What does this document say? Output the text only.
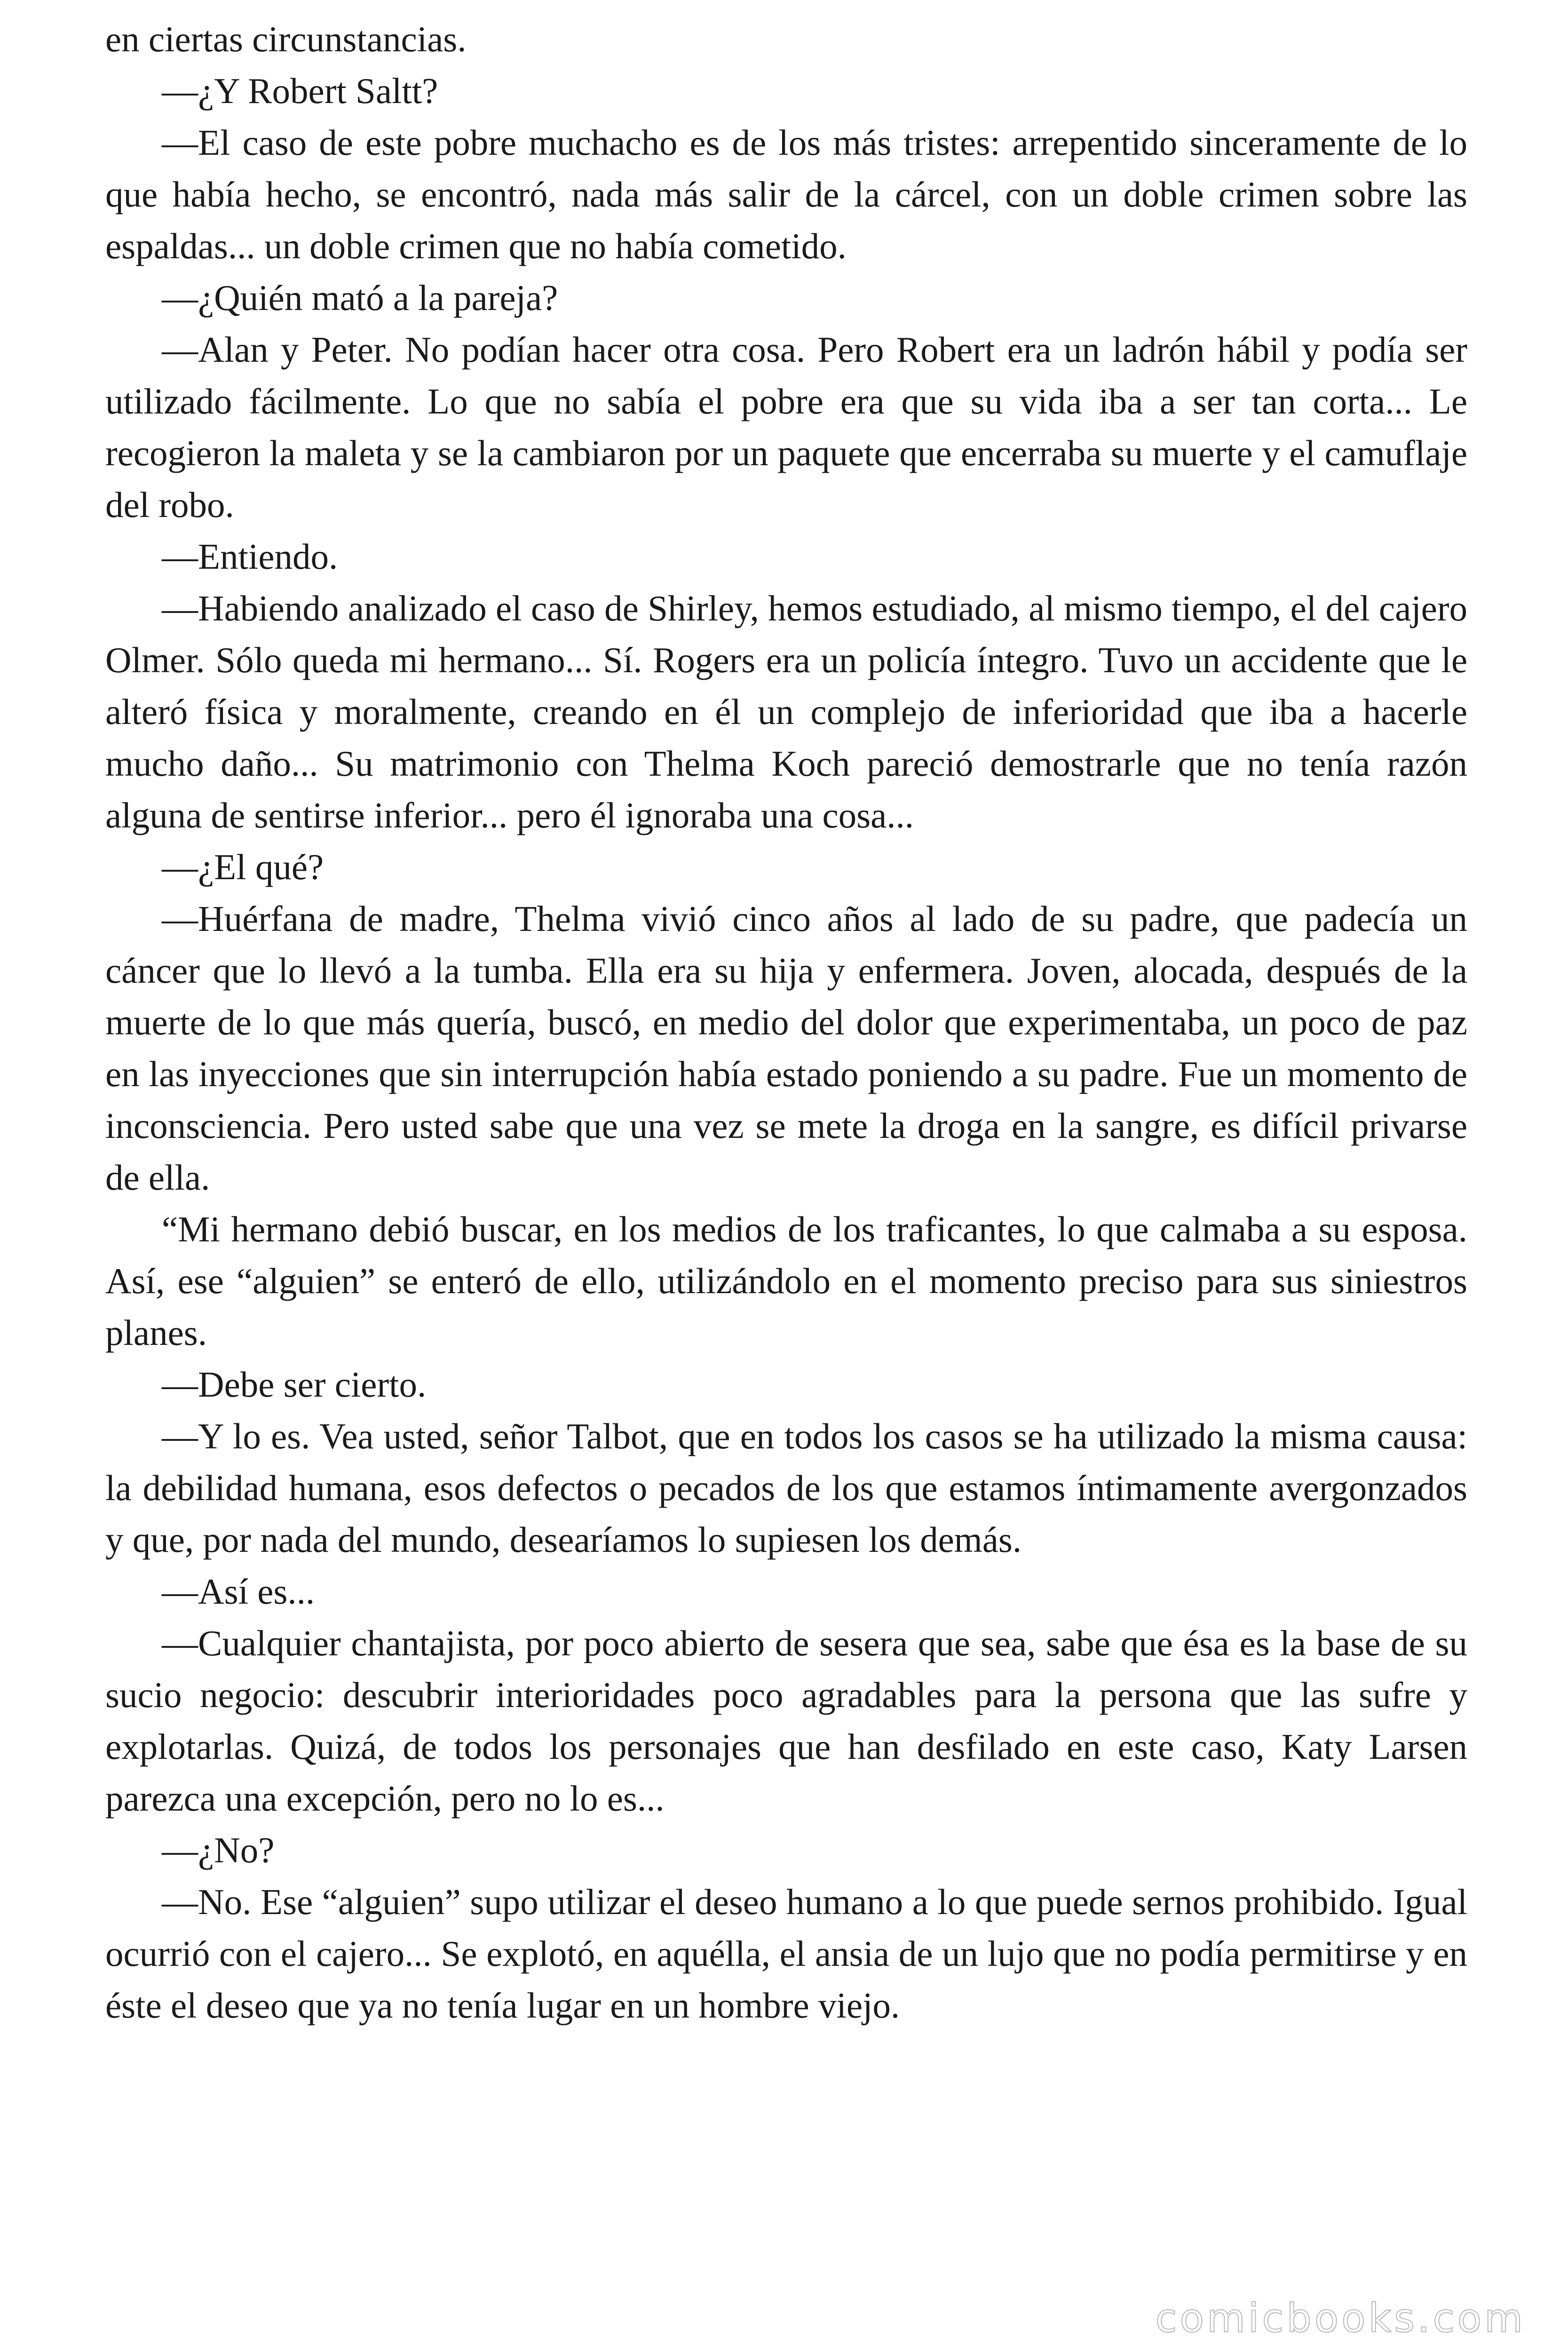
en ciertas circunstancias.

—¿Y Robert Saltt?

—El caso de este pobre muchacho es de los más tristes: arrepentido sinceramente de lo que había hecho, se encontró, nada más salir de la cárcel, con un doble crimen sobre las espaldas... un doble crimen que no había cometido.

—¿Quién mató a la pareja?

—Alan y Peter. No podían hacer otra cosa. Pero Robert era un ladrón hábil y podía ser utilizado fácilmente. Lo que no sabía el pobre era que su vida iba a ser tan corta... Le recogieron la maleta y se la cambiaron por un paquete que encerraba su muerte y el camuflaje del robo.

—Entiendo.

—Habiendo analizado el caso de Shirley, hemos estudiado, al mismo tiempo, el del cajero Olmer. Sólo queda mi hermano... Sí. Rogers era un policía íntegro. Tuvo un accidente que le alteró física y moralmente, creando en él un complejo de inferioridad que iba a hacerle mucho daño... Su matrimonio con Thelma Koch pareció demostrarle que no tenía razón alguna de sentirse inferior... pero él ignoraba una cosa...

—¿El qué?

—Huérfana de madre, Thelma vivió cinco años al lado de su padre, que padecía un cáncer que lo llevó a la tumba. Ella era su hija y enfermera. Joven, alocada, después de la muerte de lo que más quería, buscó, en medio del dolor que experimentaba, un poco de paz en las inyecciones que sin interrupción había estado poniendo a su padre. Fue un momento de inconsciencia. Pero usted sabe que una vez se mete la droga en la sangre, es difícil privarse de ella.

“Mi hermano debió buscar, en los medios de los traficantes, lo que calmaba a su esposa. Así, ese “alguien” se enteró de ello, utilizándolo en el momento preciso para sus siniestros planes.

—Debe ser cierto.

—Y lo es. Vea usted, señor Talbot, que en todos los casos se ha utilizado la misma causa: la debilidad humana, esos defectos o pecados de los que estamos íntimamente avergonzados y que, por nada del mundo, desearíamos lo supiesen los demás.

—Así es...

—Cualquier chantajista, por poco abierto de sesera que sea, sabe que ésa es la base de su sucio negocio: descubrir interioridades poco agradables para la persona que las sufre y explotarlas. Quizá, de todos los personajes que han desfilado en este caso, Katy Larsen parezca una excepción, pero no lo es...

—¿No?

—No. Ese “alguien” supo utilizar el deseo humano a lo que puede sernos prohibido. Igual ocurrió con el cajero... Se explotó, en aquélla, el ansia de un lujo que no podía permitirse y en éste el deseo que ya no tenía lugar en un hombre viejo.

comicbooks.com
